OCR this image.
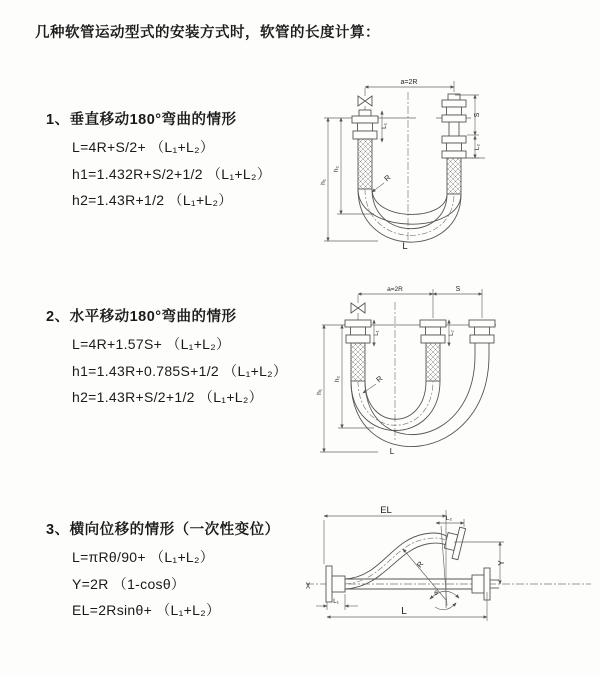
几种软管运动型式的安装方式时，软管的长度计算：
1、垂直移动180°弯曲的情形
L=4R+S/2+ （L₁+L₂）
h1=1.432R+S/2+1/2 （L₁+L₂）
h2=1.43R+1/2 （L₁+L₂）
2、水平移动180°弯曲的情形
L=4R+1.57S+ （L₁+L₂）
h1=1.43R+0.785S+1/2 （L₁+L₂）
h2=1.43R+S/2+1/2 （L₁+L₂）
3、横向位移的情形（一次性变位）
L=πRθ/90+ （L₁+L₂）
Y=2R （1-cosθ）
EL=2Rsinθ+ （L₁+L₂）
a=2R
L₁
S
L₂
h₁
h₂
R
L
a=2R	S
L₁	L₂
h₁
h₂	R
L
χ
EL
L₂
Y
θ
R
L₁
L
